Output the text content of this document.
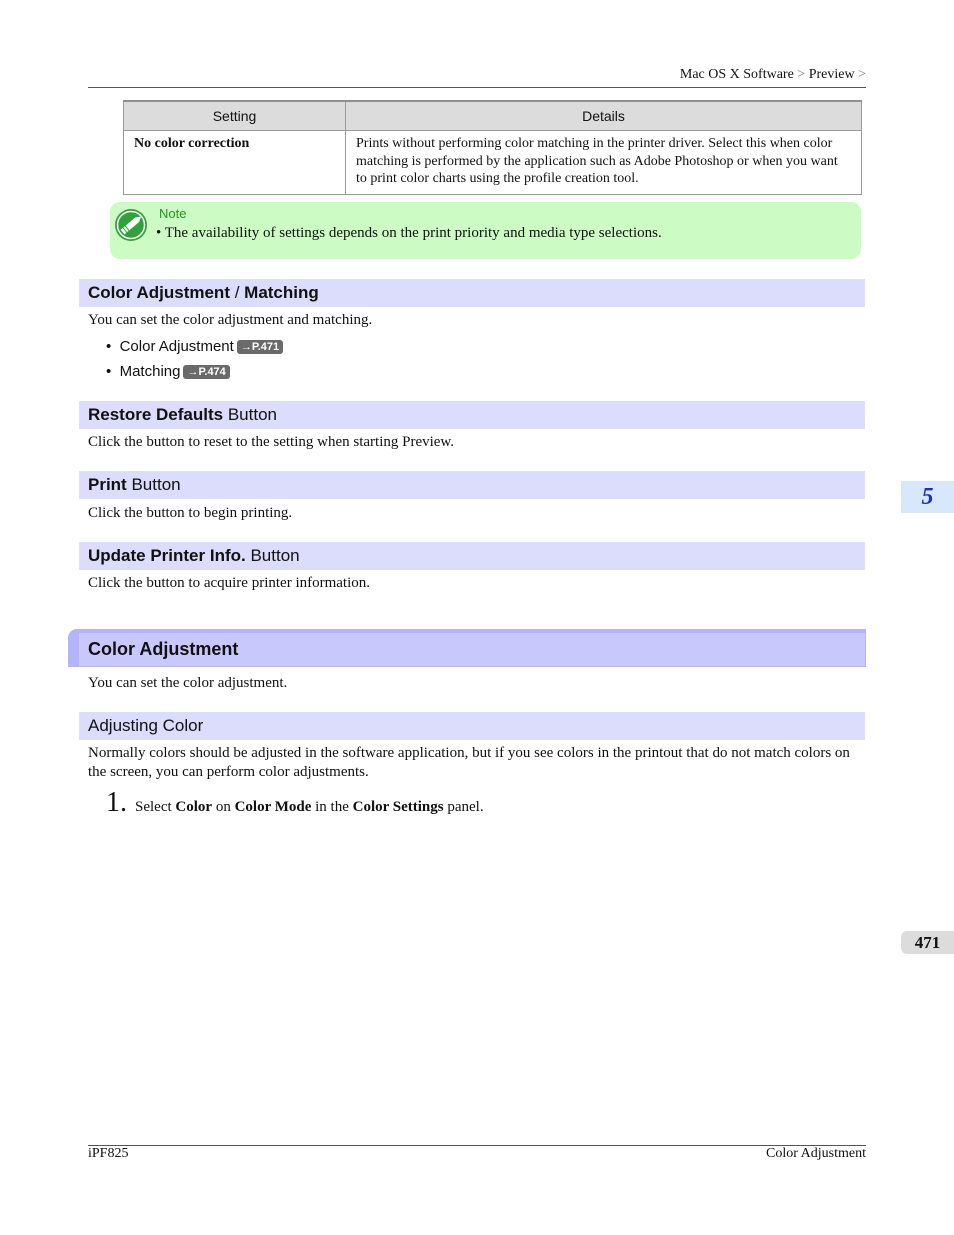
Mac OS X Software > Preview >
Setting	Details
No color correction	Prints without performing color matching in the printer driver. Select this when color matching is performed by the application such as Adobe Photoshop or when you want to print color charts using the profile creation tool.
Note
• The availability of settings depends on the print priority and media type selections.
Color Adjustment / Matching
You can set the color adjustment and matching.
•  Color Adjustment →P.471
•  Matching →P.474
Restore Defaults Button
Click the button to reset to the setting when starting Preview.
Print Button
Click the button to begin printing.
Update Printer Info. Button
Click the button to acquire printer information.
Color Adjustment
You can set the color adjustment.
Adjusting Color
Normally colors should be adjusted in the software application, but if you see colors in the printout that do not match colors on the screen, you can perform color adjustments.
1. Select Color on Color Mode in the Color Settings panel.
5
471
iPF825	Color Adjustment
